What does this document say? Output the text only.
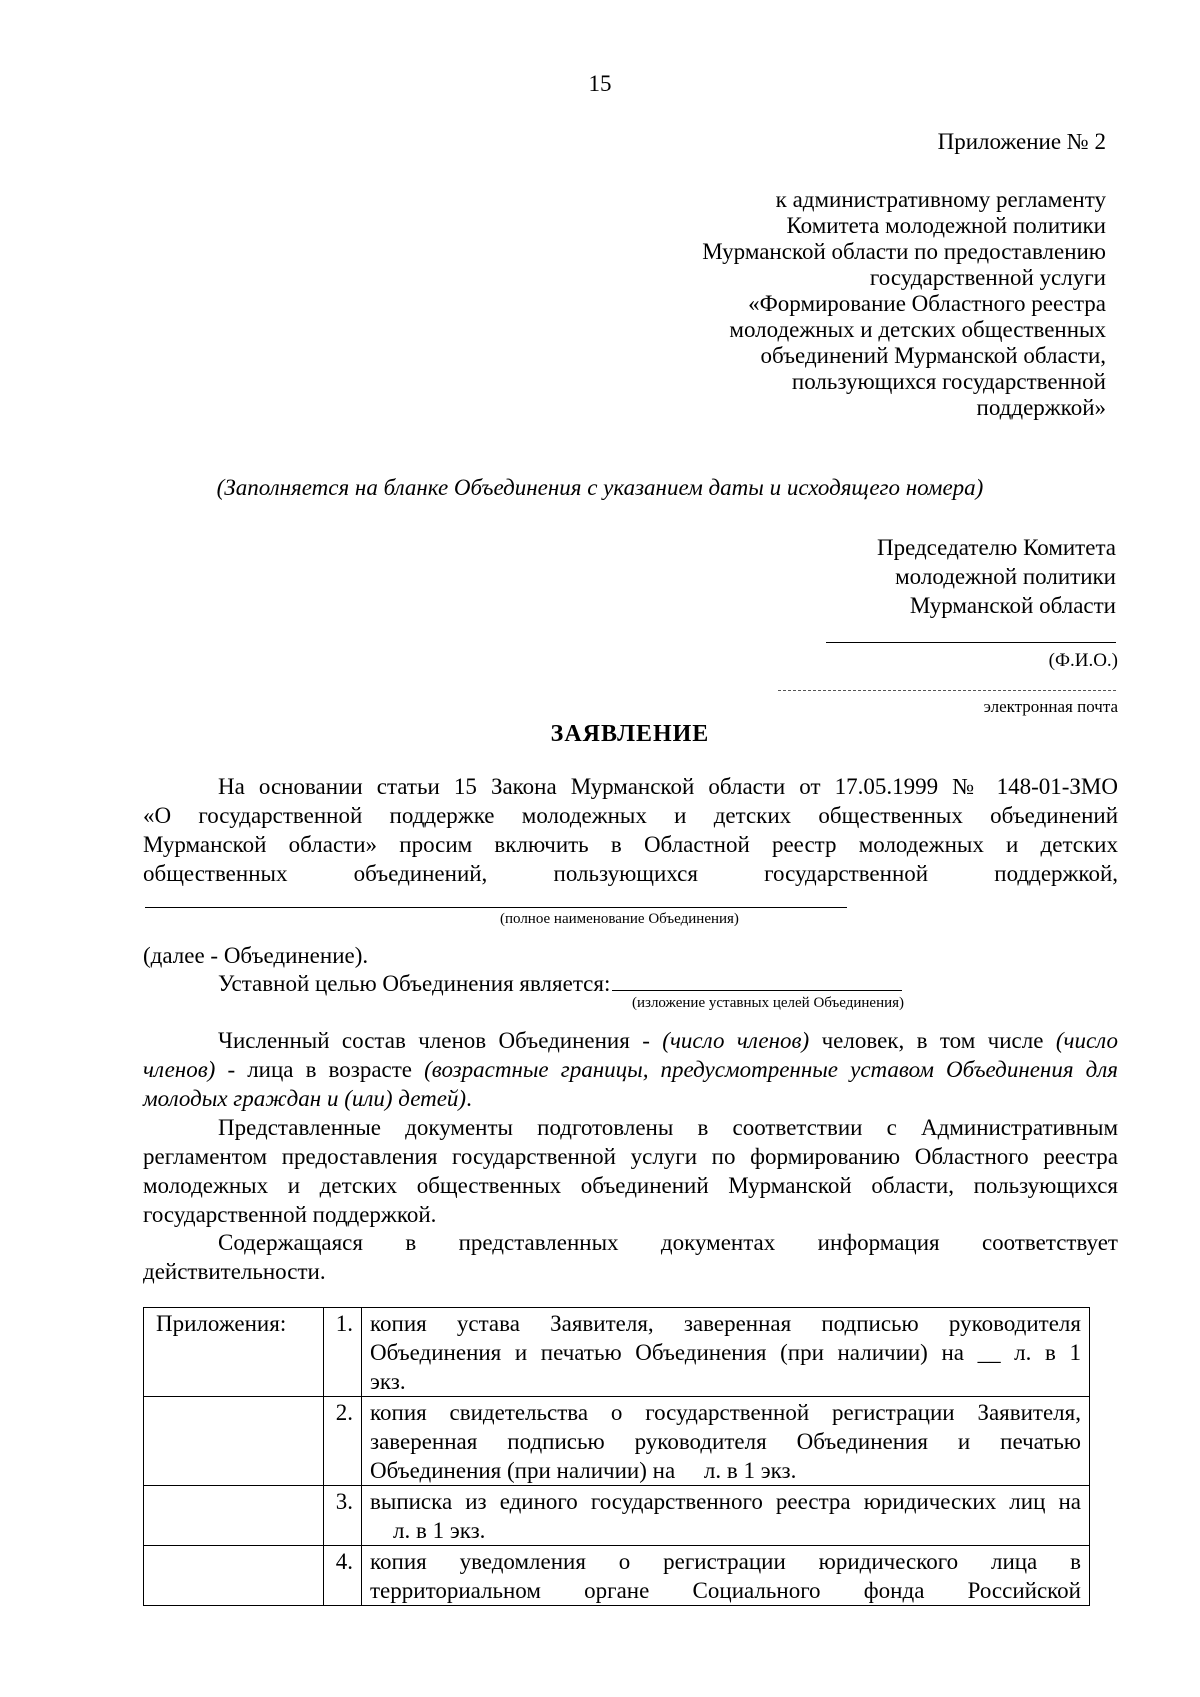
15
Приложение № 2
к административному регламенту
Комитета молодежной политики
Мурманской области по предоставлению
государственной услуги
«Формирование Областного реестра
молодежных и детских общественных
объединений Мурманской области,
пользующихся государственной
поддержкой»
(Заполняется на бланке Объединения с указанием даты и исходящего номера)
Председателю Комитета
молодежной политики
Мурманской области
(Ф.И.О.)
электронная почта
ЗАЯВЛЕНИЕ
На основании статьи 15 Закона Мурманской области от 17.05.1999 № 148-01-ЗМО
«О государственной поддержке молодежных и детских общественных объединений
Мурманской области» просим включить в Областной реестр молодежных и детских
общественных объединений, пользующихся государственной поддержкой,
(полное наименование Объединения)
(далее - Объединение).
Уставной целью Объединения является:
(изложение уставных целей Объединения)
Численный состав членов Объединения - (число членов) человек, в том числе (число
членов) - лица в возрасте (возрастные границы, предусмотренные уставом Объединения для
молодых граждан и (или) детей).
Представленные документы подготовлены в соответствии с Административным
регламентом предоставления государственной услуги по формированию Областного реестра
молодежных и детских общественных объединений Мурманской области, пользующихся
государственной поддержкой.
Содержащаяся в представленных документах информация соответствует
действительности.
Приложения:	1.	копия устава Заявителя, заверенная подписью руководителя
Объединения и печатью Объединения (при наличии) на __ л. в 1
экз.

	2.	копия свидетельства о государственной регистрации Заявителя,
заверенная подписью руководителя Объединения и печатью
Объединения (при наличии) на     л. в 1 экз.

	3.	выписка из единого государственного реестра юридических лиц на
л. в 1 экз.

	4.	копия уведомления о регистрации юридического лица в
территориальном органе Социального фонда Российской
